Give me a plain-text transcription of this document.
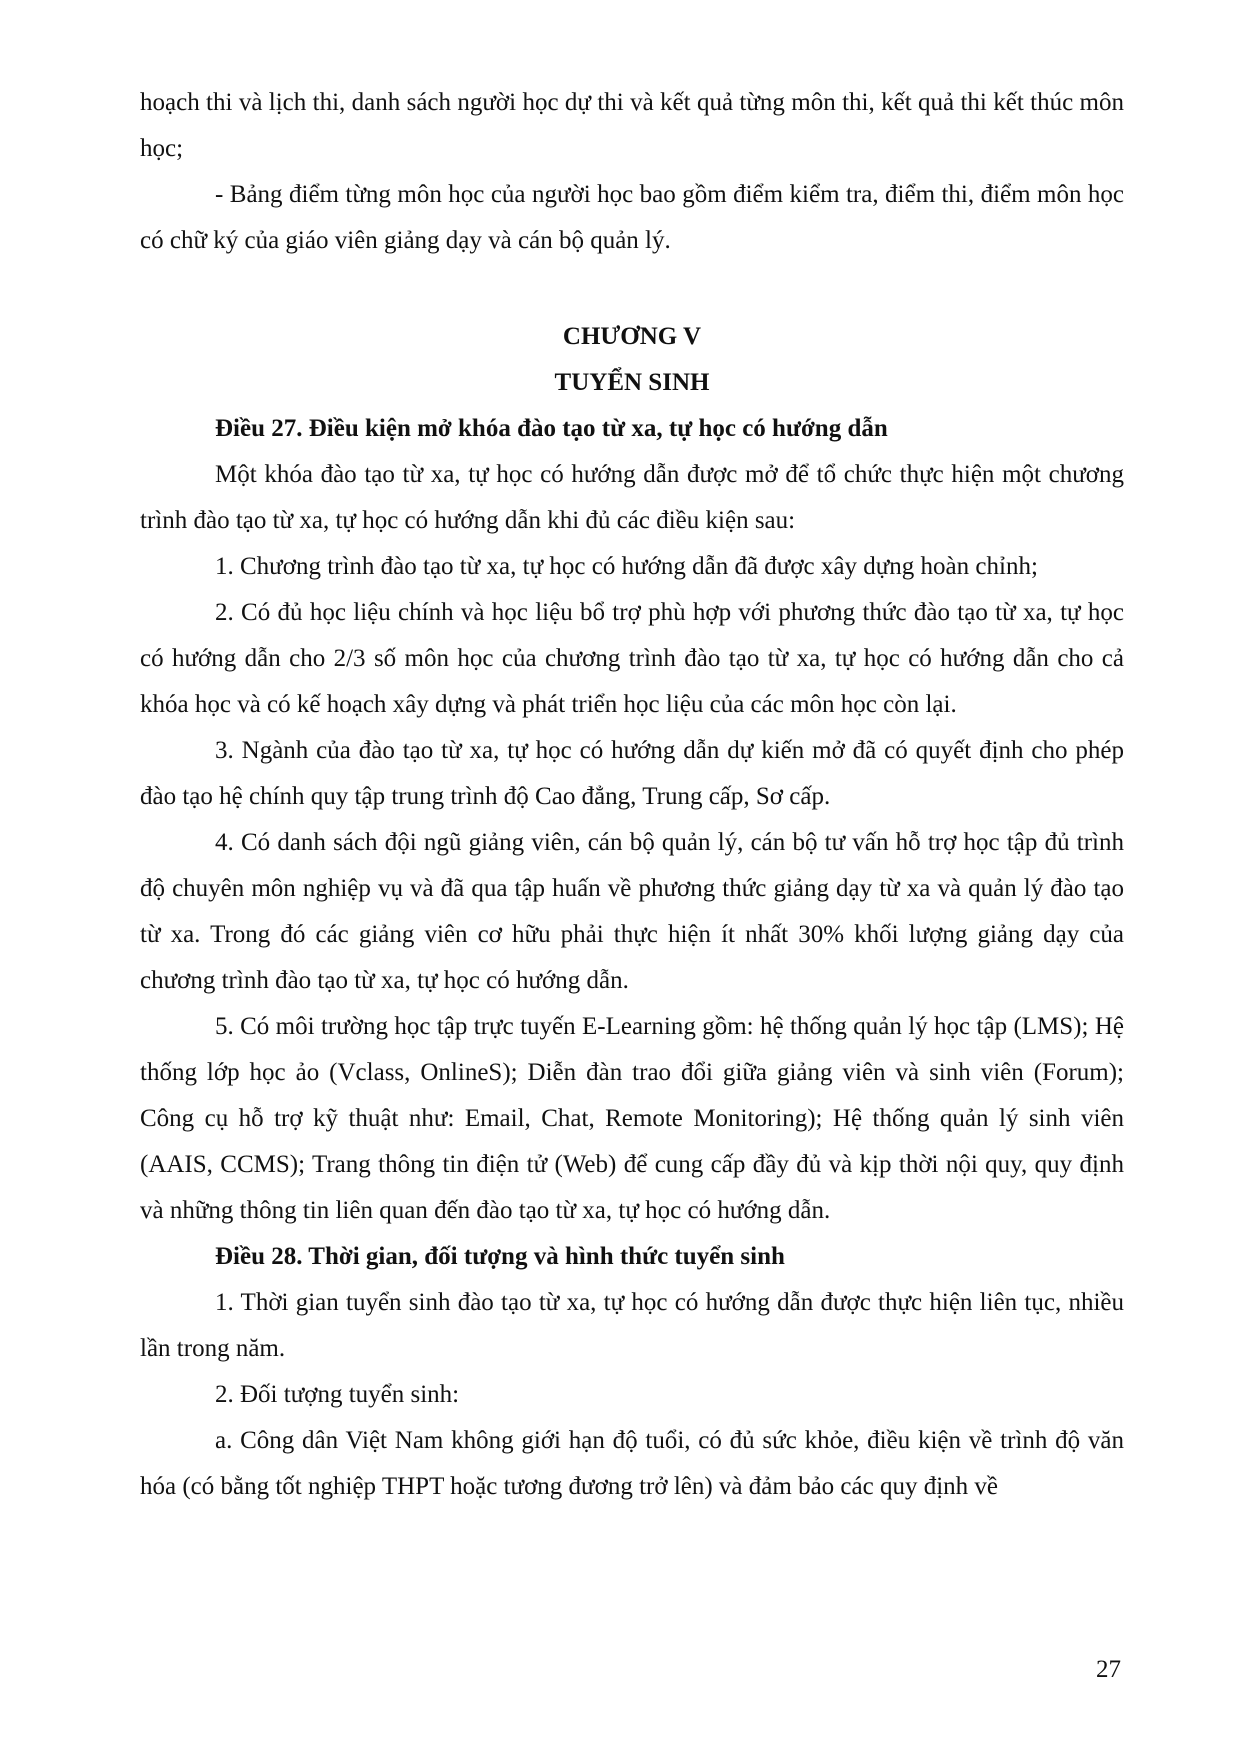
hoạch thi và lịch thi, danh sách người học dự thi và kết quả từng môn thi, kết quả thi kết thúc môn học;

- Bảng điểm từng môn học của người học bao gồm điểm kiểm tra, điểm thi, điểm môn học có chữ ký của giáo viên giảng dạy và cán bộ quản lý.

CHƯƠNG V

TUYỂN SINH

Điều 27. Điều kiện mở khóa đào tạo từ xa, tự học có hướng dẫn

Một khóa đào tạo từ xa, tự học có hướng dẫn được mở để tổ chức thực hiện một chương trình đào tạo từ xa, tự học có hướng dẫn khi đủ các điều kiện sau:

1. Chương trình đào tạo từ xa, tự học có hướng dẫn đã được xây dựng hoàn chỉnh;

2. Có đủ học liệu chính và học liệu bổ trợ phù hợp với phương thức đào tạo từ xa, tự học có hướng dẫn cho 2/3 số môn học của chương trình đào tạo từ xa, tự học có hướng dẫn cho cả khóa học và có kế hoạch xây dựng và phát triển học liệu của các môn học còn lại.

3. Ngành của đào tạo từ xa, tự học có hướng dẫn dự kiến mở đã có quyết định cho phép đào tạo hệ chính quy tập trung trình độ Cao đẳng, Trung cấp, Sơ cấp.

4. Có danh sách đội ngũ giảng viên, cán bộ quản lý, cán bộ tư vấn hỗ trợ học tập đủ trình độ chuyên môn nghiệp vụ và đã qua tập huấn về phương thức giảng dạy từ xa và quản lý đào tạo từ xa. Trong đó các giảng viên cơ hữu phải thực hiện ít nhất 30% khối lượng giảng dạy của chương trình đào tạo từ xa, tự học có hướng dẫn.

5. Có môi trường học tập trực tuyến E-Learning gồm: hệ thống quản lý học tập (LMS); Hệ thống lớp học ảo (Vclass, OnlineS); Diễn đàn trao đổi giữa giảng viên và sinh viên (Forum); Công cụ hỗ trợ kỹ thuật như: Email, Chat, Remote Monitoring); Hệ thống quản lý sinh viên (AAIS, CCMS); Trang thông tin điện tử (Web) để cung cấp đầy đủ và kịp thời nội quy, quy định và những thông tin liên quan đến đào tạo từ xa, tự học có hướng dẫn.

Điều 28. Thời gian, đối tượng và hình thức tuyển sinh

1. Thời gian tuyển sinh đào tạo từ xa, tự học có hướng dẫn được thực hiện liên tục, nhiều lần trong năm.

2. Đối tượng tuyển sinh:

a. Công dân Việt Nam không giới hạn độ tuổi, có đủ sức khỏe, điều kiện về trình độ văn hóa (có bằng tốt nghiệp THPT hoặc tương đương trở lên) và đảm bảo các quy định về

27
